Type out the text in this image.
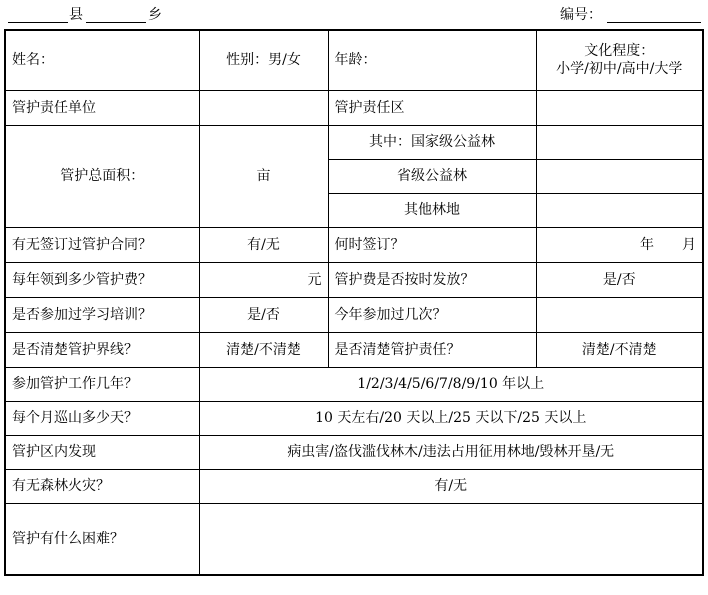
县	乡	编号：
姓名：	性别：男/女	年龄：	文化程度：
小学/初中/高中/大学

管护责任单位		管护责任区	
管护总面积：	亩	其中：国家级公益林	
		省级公益林	
		其他林地	
有无签订过管护合同？	有/无	何时签订？	年　　月
每年领到多少管护费？	元	管护费是否按时发放？	是/否
是否参加过学习培训？	是/否	今年参加过几次？	
是否清楚管护界线？	清楚/不清楚	是否清楚管护责任？	清楚/不清楚
参加管护工作几年？	1/2/3/4/5/6/7/8/9/10 年以上		
每个月巡山多少天？	10 天左右/20 天以上/25 天以下/25 天以上		
管护区内发现	病虫害/盗伐滥伐林木/违法占用征用林地/毁林开垦/无		
有无森林火灾？	有/无		
管护有什么困难？			
